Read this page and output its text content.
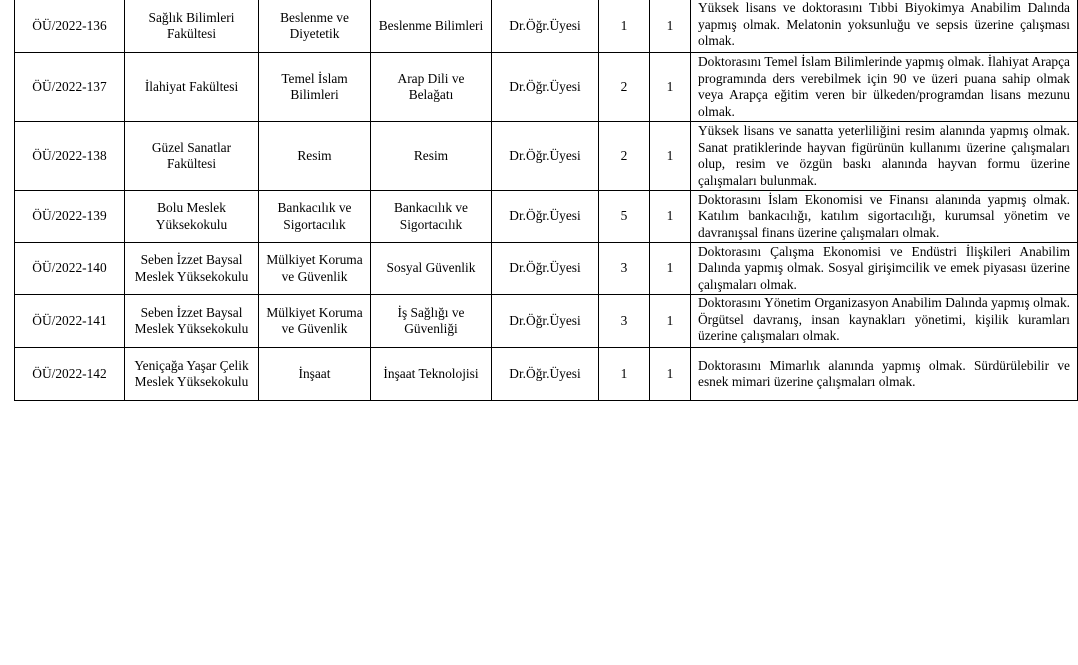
ÖÜ/2022-136	Sağlık Bilimleri Fakültesi	Beslenme ve Diyetetik	Beslenme Bilimleri	Dr.Öğr.Üyesi	1	1	Yüksek lisans ve doktorasını Tıbbi Biyokimya Anabilim Dalında yapmış olmak. Melatonin yoksunluğu ve sepsis üzerine çalışması olmak.
ÖÜ/2022-137	İlahiyat Fakültesi	Temel İslam Bilimleri	Arap Dili ve Belağatı	Dr.Öğr.Üyesi	2	1	Doktorasını Temel İslam Bilimlerinde yapmış olmak. İlahiyat Arapça programında ders verebilmek için 90 ve üzeri puana sahip olmak veya Arapça eğitim veren bir ülkeden/programdan lisans mezunu olmak.
ÖÜ/2022-138	Güzel Sanatlar Fakültesi	Resim	Resim	Dr.Öğr.Üyesi	2	1	Yüksek lisans ve sanatta yeterliliğini resim alanında yapmış olmak. Sanat pratiklerinde hayvan figürünün kullanımı üzerine çalışmaları olup, resim ve özgün baskı alanında hayvan formu üzerine çalışmaları bulunmak.
ÖÜ/2022-139	Bolu Meslek Yüksekokulu	Bankacılık ve Sigortacılık	Bankacılık ve Sigortacılık	Dr.Öğr.Üyesi	5	1	Doktorasını İslam Ekonomisi ve Finansı alanında yapmış olmak. Katılım bankacılığı, katılım sigortacılığı, kurumsal yönetim ve davranışsal finans üzerine çalışmaları olmak.
ÖÜ/2022-140	Seben İzzet Baysal Meslek Yüksekokulu	Mülkiyet Koruma ve Güvenlik	Sosyal Güvenlik	Dr.Öğr.Üyesi	3	1	Doktorasını Çalışma Ekonomisi ve Endüstri İlişkileri Anabilim Dalında yapmış olmak. Sosyal girişimcilik ve emek piyasası üzerine çalışmaları olmak.
ÖÜ/2022-141	Seben İzzet Baysal Meslek Yüksekokulu	Mülkiyet Koruma ve Güvenlik	İş Sağlığı ve Güvenliği	Dr.Öğr.Üyesi	3	1	Doktorasını Yönetim Organizasyon Anabilim Dalında yapmış olmak. Örgütsel davranış, insan kaynakları yönetimi, kişilik kuramları üzerine çalışmaları olmak.
ÖÜ/2022-142	Yeniçağa Yaşar Çelik Meslek Yüksekokulu	İnşaat	İnşaat Teknolojisi	Dr.Öğr.Üyesi	1	1	Doktorasını Mimarlık alanında yapmış olmak. Sürdürülebilir ve esnek mimari üzerine çalışmaları olmak.
